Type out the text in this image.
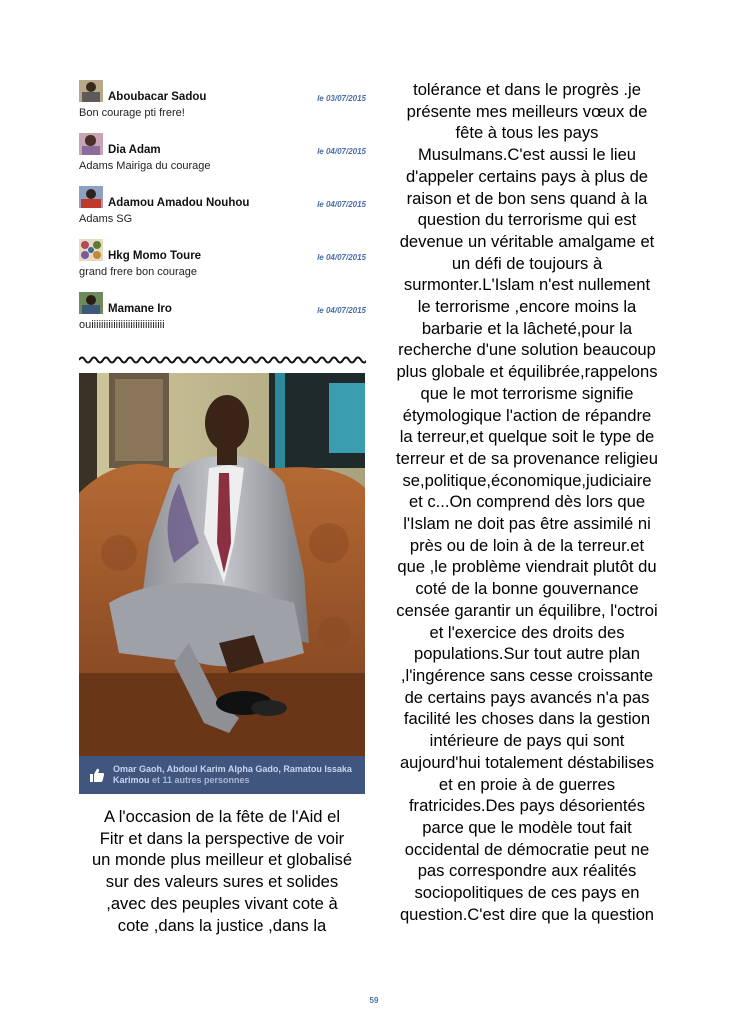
Aboubacar Sadou	le 03/07/2015
Bon courage pti frere!
Dia Adam	le 04/07/2015
Adams Mairiga du courage
Adamou Amadou Nouhou	le 04/07/2015
Adams SG
Hkg Momo Toure	le 04/07/2015
grand frere bon courage
Mamane Iro	le 04/07/2015
ouiiiiiiiiiiiiiiiiiiiiiiiiiiiiii
Omar Gaoh, Abdoul Karim Alpha Gado, Ramatou Issaka Karimou et 11 autres personnes
A l'occasion de la fête de l'Aid el
Fitr et dans la perspective de voir
un monde plus meilleur et globalisé
sur des valeurs sures et solides
,avec des peuples vivant cote à
cote ,dans la justice ,dans la
tolérance et dans le progrès .je
présente mes meilleurs vœux de
fête à tous les pays
Musulmans.C'est aussi le lieu
d'appeler certains pays à plus de
raison et de bon sens quand à la
question du terrorisme qui est
devenue un véritable amalgame et
un défi de toujours à
surmonter.L'Islam n'est nullement
le terrorisme ,encore moins la
barbarie et la lâcheté,pour la
recherche d'une solution beaucoup
plus globale et équilibrée,rappelons
que le mot terrorisme signifie
étymologique l'action de répandre
la terreur,et quelque soit le type de
terreur et de sa provenance religieu
se,politique,économique,judiciaire
et c...On comprend dès lors que
l'Islam ne doit pas être assimilé ni
près ou de loin à de la terreur.et
que ,le problème viendrait plutôt du
coté de la bonne gouvernance
censée garantir un équilibre, l'octroi
et l'exercice des droits des
populations.Sur tout autre plan
,l'ingérence sans cesse croissante
de certains pays avancés n'a pas
facilité les choses dans la gestion
intérieure de pays qui sont
aujourd'hui totalement déstabilises
et en proie à de guerres
fratricides.Des pays désorientés
parce que le modèle tout fait
occidental de démocratie peut ne
pas correspondre aux réalités
sociopolitiques de ces pays en
question.C'est dire que la question
59
